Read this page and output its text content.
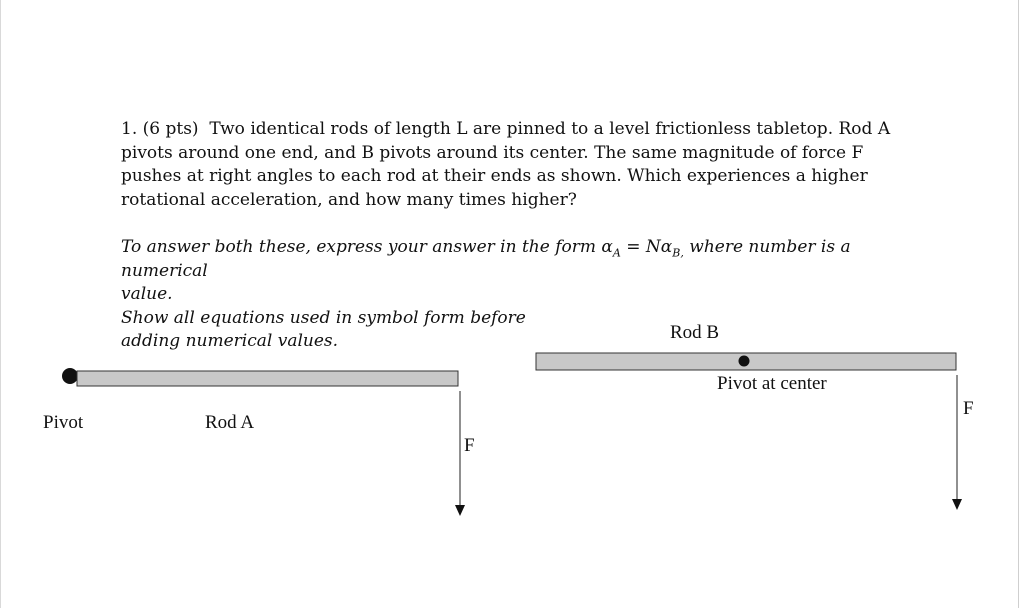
1. (6 pts) Two identical rods of length L are pinned to a level frictionless tabletop. Rod A

pivots around one end, and B pivots around its center. The same magnitude of force F

pushes at right angles to each rod at their ends as shown. Which experiences a higher

rotational acceleration, and how many times higher?

To answer both these, express your answer in the form $\alpha_A = N\alpha_{B,}$ where number is a numerical

value.

Show all equations used in symbol form before

adding numerical values.

Pivot	Rod A
F
Rod B
Pivot at center
F
